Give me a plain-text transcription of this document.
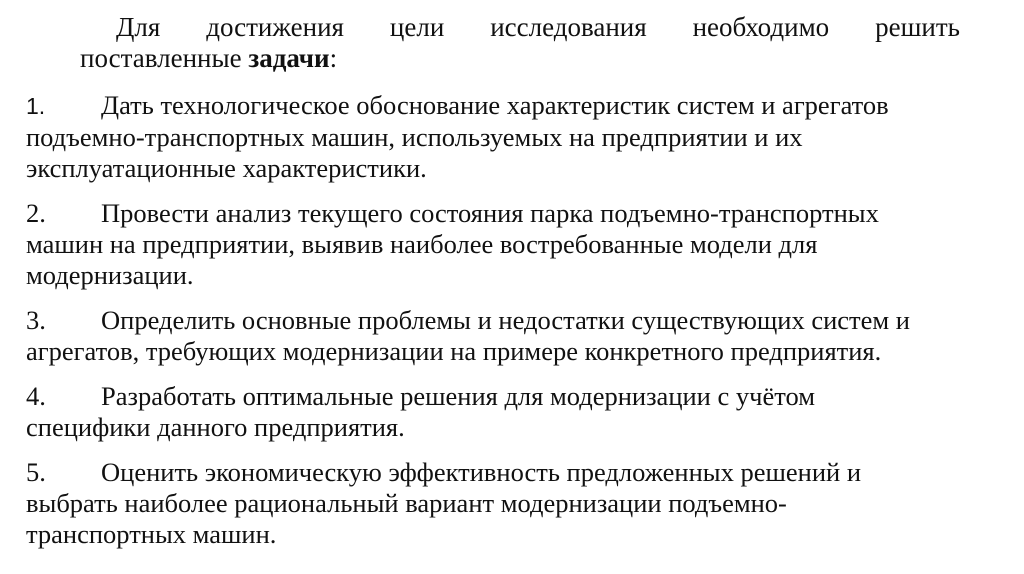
Для достижения цели исследования необходимо решить
поставленные задачи:
1. Дать технологическое обоснование характеристик систем и агрегатов
подъемно-транспортных машин, используемых на предприятии и их
эксплуатационные характеристики.
2. Провести анализ текущего состояния парка подъемно-транспортных
машин на предприятии, выявив наиболее востребованные модели для
модернизации.
3. Определить основные проблемы и недостатки существующих систем и
агрегатов, требующих модернизации на примере конкретного предприятия.
4. Разработать оптимальные решения для модернизации с учётом
специфики данного предприятия.
5. Оценить экономическую эффективность предложенных решений и
выбрать наиболее рациональный вариант модернизации подъемно-
транспортных машин.
